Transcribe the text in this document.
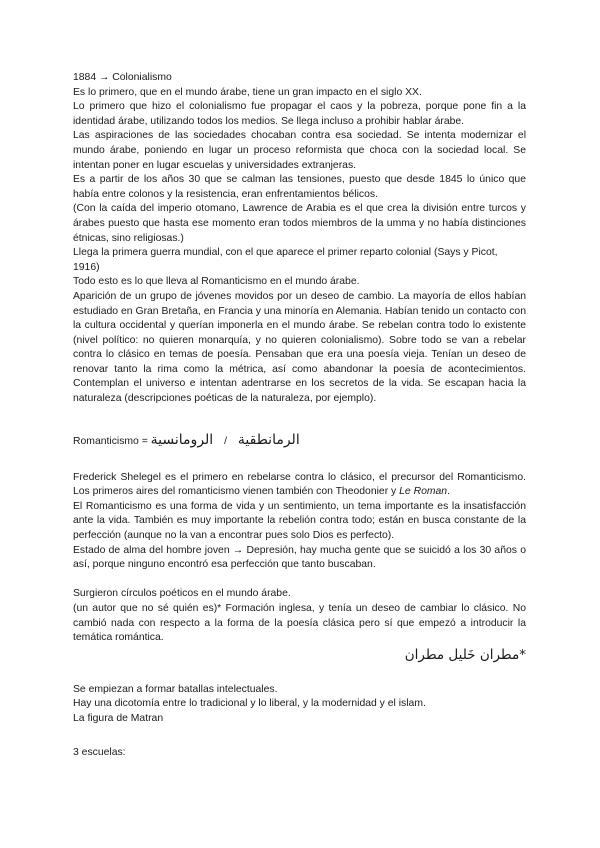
1884 → Colonialismo

Es lo primero, que en el mundo árabe, tiene un gran impacto en el siglo XX.

Lo primero que hizo el colonialismo fue propagar el caos y la pobreza, porque pone fin a la identidad árabe, utilizando todos los medios. Se llega incluso a prohibir hablar árabe.

Las aspiraciones de las sociedades chocaban contra esa sociedad. Se intenta modernizar el mundo árabe, poniendo en lugar un proceso reformista que choca con la sociedad local. Se intentan poner en lugar escuelas y universidades extranjeras.

Es a partir de los años 30 que se calman las tensiones, puesto que desde 1845 lo único que había entre colonos y la resistencia, eran enfrentamientos bélicos.

(Con la caída del imperio otomano, Lawrence de Arabia es el que crea la división entre turcos y árabes puesto que hasta ese momento eran todos miembros de la umma y no había distinciones étnicas, sino religiosas.)

Llega la primera guerra mundial, con el que aparece el primer reparto colonial (Says y Picot, 1916)

Todo esto es lo que lleva al Romanticismo en el mundo árabe.

Aparición de un grupo de jóvenes movidos por un deseo de cambio. La mayoría de ellos habían estudiado en Gran Bretaña, en Francia y una minoría en Alemania. Habían tenido un contacto con la cultura occidental y querían imponerla en el mundo árabe. Se rebelan contra todo lo existente (nivel político: no quieren monarquía, y no quieren colonialismo). Sobre todo se van a rebelar contra lo clásico en temas de poesía. Pensaban que era una poesía vieja. Tenían un deseo de renovar tanto la rima como la métrica, así como abandonar la poesía de acontecimientos. Contemplan el universo e intentan adentrarse en los secretos de la vida. Se escapan hacia la naturaleza (descripciones poéticas de la naturaleza, por ejemplo).

Romanticismo = الرومانسية / الرمانطقية

Frederick Shelegel es el primero en rebelarse contra lo clásico, el precursor del Romanticismo. Los primeros aires del romanticismo vienen también con Theodonier y Le Roman.

El Romanticismo es una forma de vida y un sentimiento, un tema importante es la insatisfacción ante la vida. También es muy importante la rebelión contra todo; están en busca constante de la perfección (aunque no la van a encontrar pues solo Dios es perfecto).

Estado de alma del hombre joven → Depresión, hay mucha gente que se suicidó a los 30 años o así, porque ninguno encontró esa perfección que tanto buscaban.

Surgieron círculos poéticos en el mundo árabe.

(un autor que no sé quién es)* Formación inglesa, y tenía un deseo de cambiar lo clásico. No cambió nada con respecto a la forma de la poesía clásica pero sí que empezó a introducir la temática romántica.

*مطران خَليل مطران

Se empiezan a formar batallas intelectuales.

Hay una dicotomía entre lo tradicional y lo liberal, y la modernidad y el islam.

La figura de Matran

3 escuelas:
